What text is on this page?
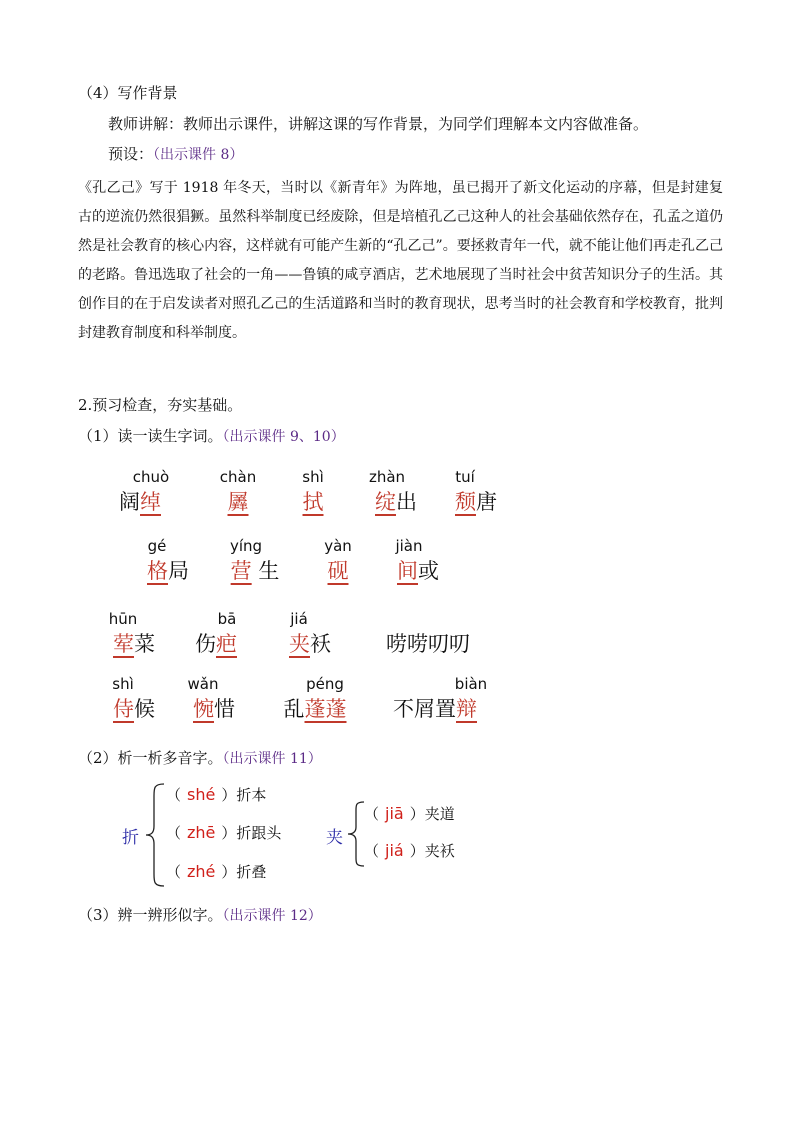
（4）写作背景
教师讲解：教师出示课件，讲解这课的写作背景，为同学们理解本文内容做准备。
预设：（出示课件 8）
《孔乙己》写于 1918 年冬天，当时以《新青年》为阵地，虽已揭开了新文化运动的序幕，但是封建复古的逆流仍然很猖獗。虽然科举制度已经废除，但是培植孔乙己这种人的社会基础依然存在，孔孟之道仍然是社会教育的核心内容，这样就有可能产生新的“孔乙己”。要拯救青年一代，就不能让他们再走孔乙己的老路。鲁迅选取了社会的一角——鲁镇的咸亨酒店，艺术地展现了当时社会中贫苦知识分子的生活。其创作目的在于启发读者对照孔乙己的生活道路和当时的教育现状，思考当时的社会教育和学校教育，批判封建教育制度和科举制度。
2.预习检查，夯实基础。
（1）读一读生字词。（出示课件 9、10）
chuò
阔绰
chàn
羼
shì
拭
zhàn
绽出
tuí
颓唐
gé
格局
yíng
营 生
yàn
砚
jiàn
间或
hūn
荤菜
bā
伤疤
jiá
夹袄	唠唠叨叨
shì
侍候
wǎn
惋惜
péng
乱蓬蓬
biàn
不屑置辩
（2）析一析多音字。（出示课件 11）
折
（ shé ）折本
（ zhē ）折跟头
（ zhé ）折叠
夹
（ jiā ）夹道
（ jiá ）夹袄
（3）辨一辨形似字。（出示课件 12）
